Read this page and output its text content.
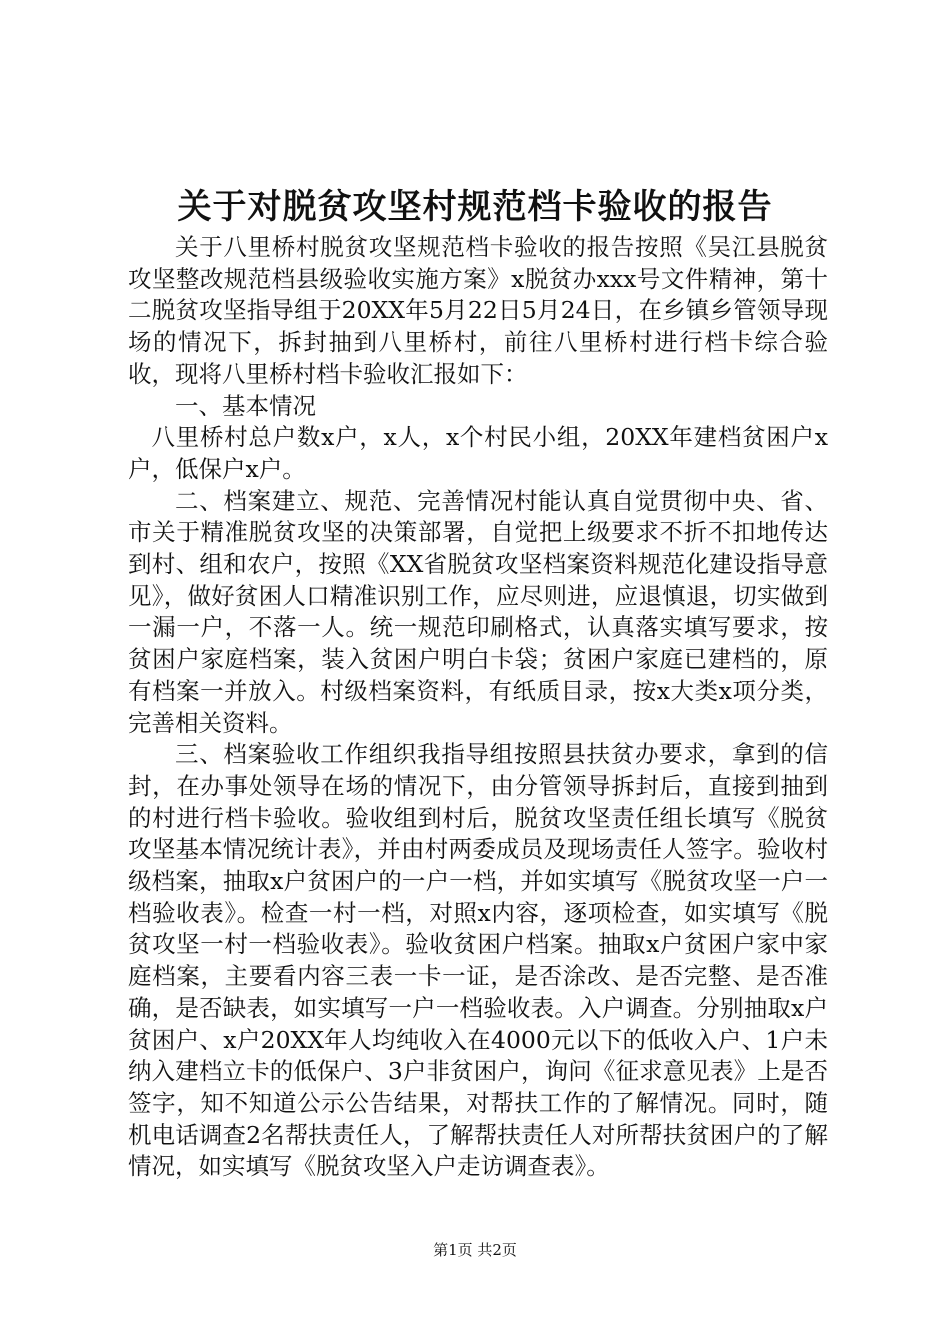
关于对脱贫攻坚村规范档卡验收的报告

关于八里桥村脱贫攻坚规范档卡验收的报告按照《吴江县脱贫攻坚整改规范档县级验收实施方案》x脱贫办xxx号文件精神，第十二脱贫攻坚指导组于20XX年5月22日5月24日，在乡镇乡管领导现场的情况下，拆封抽到八里桥村，前往八里桥村进行档卡综合验收，现将八里桥村档卡验收汇报如下：

一、基本情况

八里桥村总户数x户，x人，x个村民小组，20XX年建档贫困户x户，低保户x户。

二、档案建立、规范、完善情况村能认真自觉贯彻中央、省、市关于精准脱贫攻坚的决策部署，自觉把上级要求不折不扣地传达到村、组和农户，按照《XX省脱贫攻坚档案资料规范化建设指导意见》，做好贫困人口精准识别工作，应尽则进，应退慎退，切实做到一漏一户，不落一人。统一规范印刷格式，认真落实填写要求，按贫困户家庭档案，装入贫困户明白卡袋；贫困户家庭已建档的，原有档案一并放入。村级档案资料，有纸质目录，按x大类x项分类，完善相关资料。

三、档案验收工作组织我指导组按照县扶贫办要求，拿到的信封，在办事处领导在场的情况下，由分管领导拆封后，直接到抽到的村进行档卡验收。验收组到村后，脱贫攻坚责任组长填写《脱贫攻坚基本情况统计表》，并由村两委成员及现场责任人签字。验收村级档案，抽取x户贫困户的一户一档，并如实填写《脱贫攻坚一户一档验收表》。检查一村一档，对照x内容，逐项检查，如实填写《脱贫攻坚一村一档验收表》。验收贫困户档案。抽取x户贫困户家中家庭档案，主要看内容三表一卡一证，是否涂改、是否完整、是否准确，是否缺表，如实填写一户一档验收表。入户调查。分别抽取x户贫困户、x户20XX年人均纯收入在4000元以下的低收入户、1户未纳入建档立卡的低保户、3户非贫困户，询问《征求意见表》上是否签字，知不知道公示公告结果，对帮扶工作的了解情况。同时，随机电话调查2名帮扶责任人，了解帮扶责任人对所帮扶贫困户的了解情况，如实填写《脱贫攻坚入户走访调查表》。

第1页 共2页
